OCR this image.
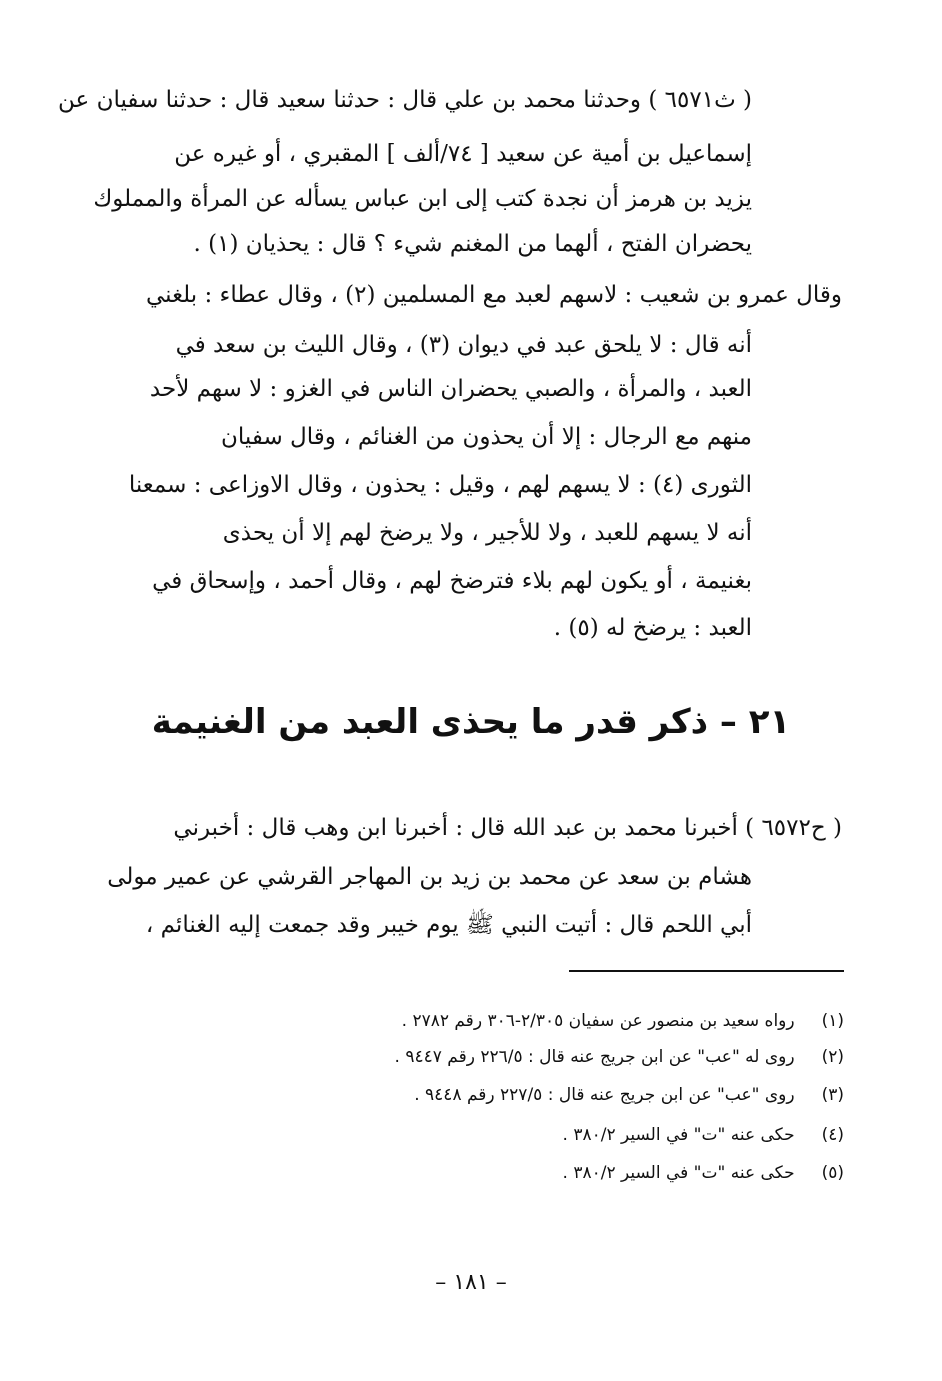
( ث٦٥٧١ ) وحدثنا محمد بن علي قال : حدثنا سعيد قال : حدثنا سفيان عن
إسماعيل بن أمية عن سعيد [ ٧٤/ألف ] المقبري ، أو غيره عن
يزيد بن هرمز أن نجدة كتب إلى ابن عباس يسأله عن المرأة والمملوك
يحضران الفتح ، ألهما من المغنم شيء ؟ قال : يحذيان (١) .
وقال عمرو بن شعيب : لاسهم لعبد مع المسلمين (٢) ، وقال عطاء : بلغني
أنه قال : لا يلحق عبد في ديوان (٣) ، وقال الليث بن سعد في
العبد ، والمرأة ، والصبي يحضران الناس في الغزو : لا سهم لأحد
منهم مع الرجال : إلا أن يحذون من الغنائم ، وقال سفيان
الثورى (٤) : لا يسهم لهم ، وقيل : يحذون ، وقال الاوزاعى : سمعنا
أنه لا يسهم للعبد ، ولا للأجير ، ولا يرضخ لهم إلا أن يحذى
بغنيمة ، أو يكون لهم بلاء فترضخ لهم ، وقال أحمد ، وإسحاق في
العبد : يرضخ له (٥) .
٢١ – ذكر قدر ما يحذى العبد من الغنيمة
( ح٦٥٧٢ ) أخبرنا محمد بن عبد الله قال : أخبرنا ابن وهب قال : أخبرني
هشام بن سعد عن محمد بن زيد بن المهاجر القرشي عن عمير مولى
أبي اللحم قال : أتيت النبي ﷺ يوم خيبر وقد جمعت إليه الغنائم ،
(١) رواه سعيد بن منصور عن سفيان ٢/٣٠٥-٣٠٦ رقم ٢٧٨٢ .
(٢) روى له "عب" عن ابن جريج عنه قال : ٢٢٦/٥ رقم ٩٤٤٧ .
(٣) روى "عب" عن ابن جريج عنه قال : ٢٢٧/٥ رقم ٩٤٤٨ .
(٤) حكى عنه "ت" في السير ٣٨٠/٢ .
(٥) حكى عنه "ت" في السير ٣٨٠/٢ .
– ١٨١ –
